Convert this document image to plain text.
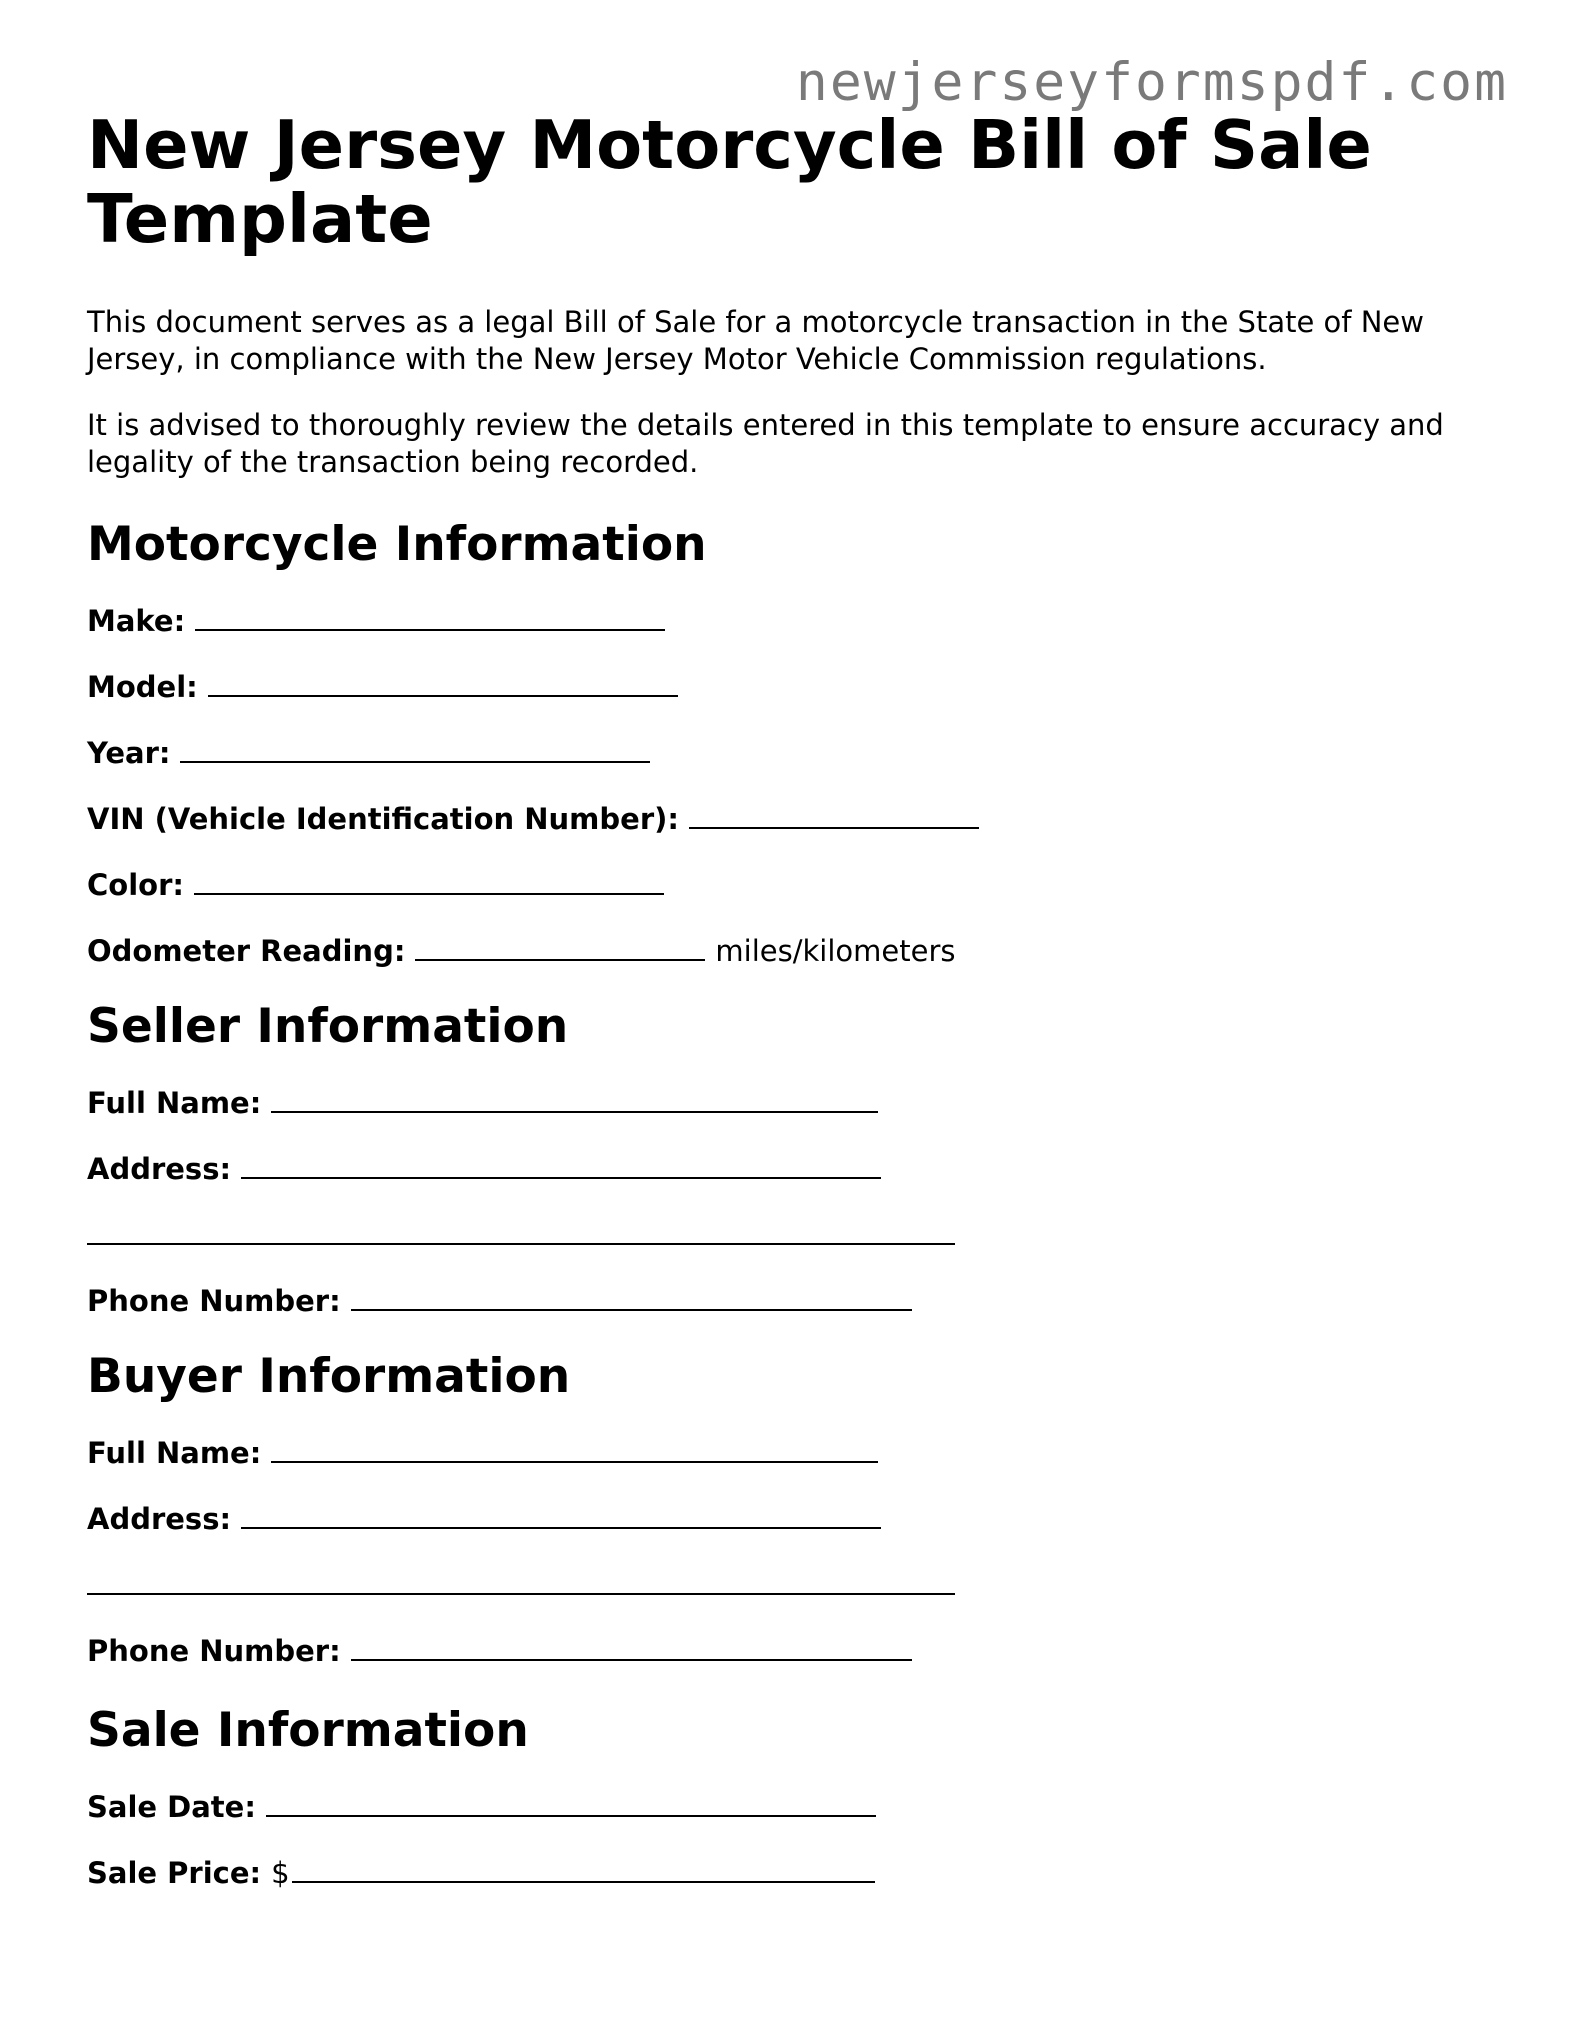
newjerseyformspdf.com
New Jersey Motorcycle Bill of Sale Template

This document serves as a legal Bill of Sale for a motorcycle transaction in the State of New Jersey, in compliance with the New Jersey Motor Vehicle Commission regulations.

It is advised to thoroughly review the details entered in this template to ensure accuracy and legality of the transaction being recorded.

Motorcycle Information
Make:
Model:
Year:
VIN (Vehicle Identification Number):
Color:
Odometer Reading:	miles/kilometers
Seller Information
Full Name:
Address:
Phone Number:
Buyer Information
Full Name:
Address:
Phone Number:
Sale Information
Sale Date:
Sale Price: $
